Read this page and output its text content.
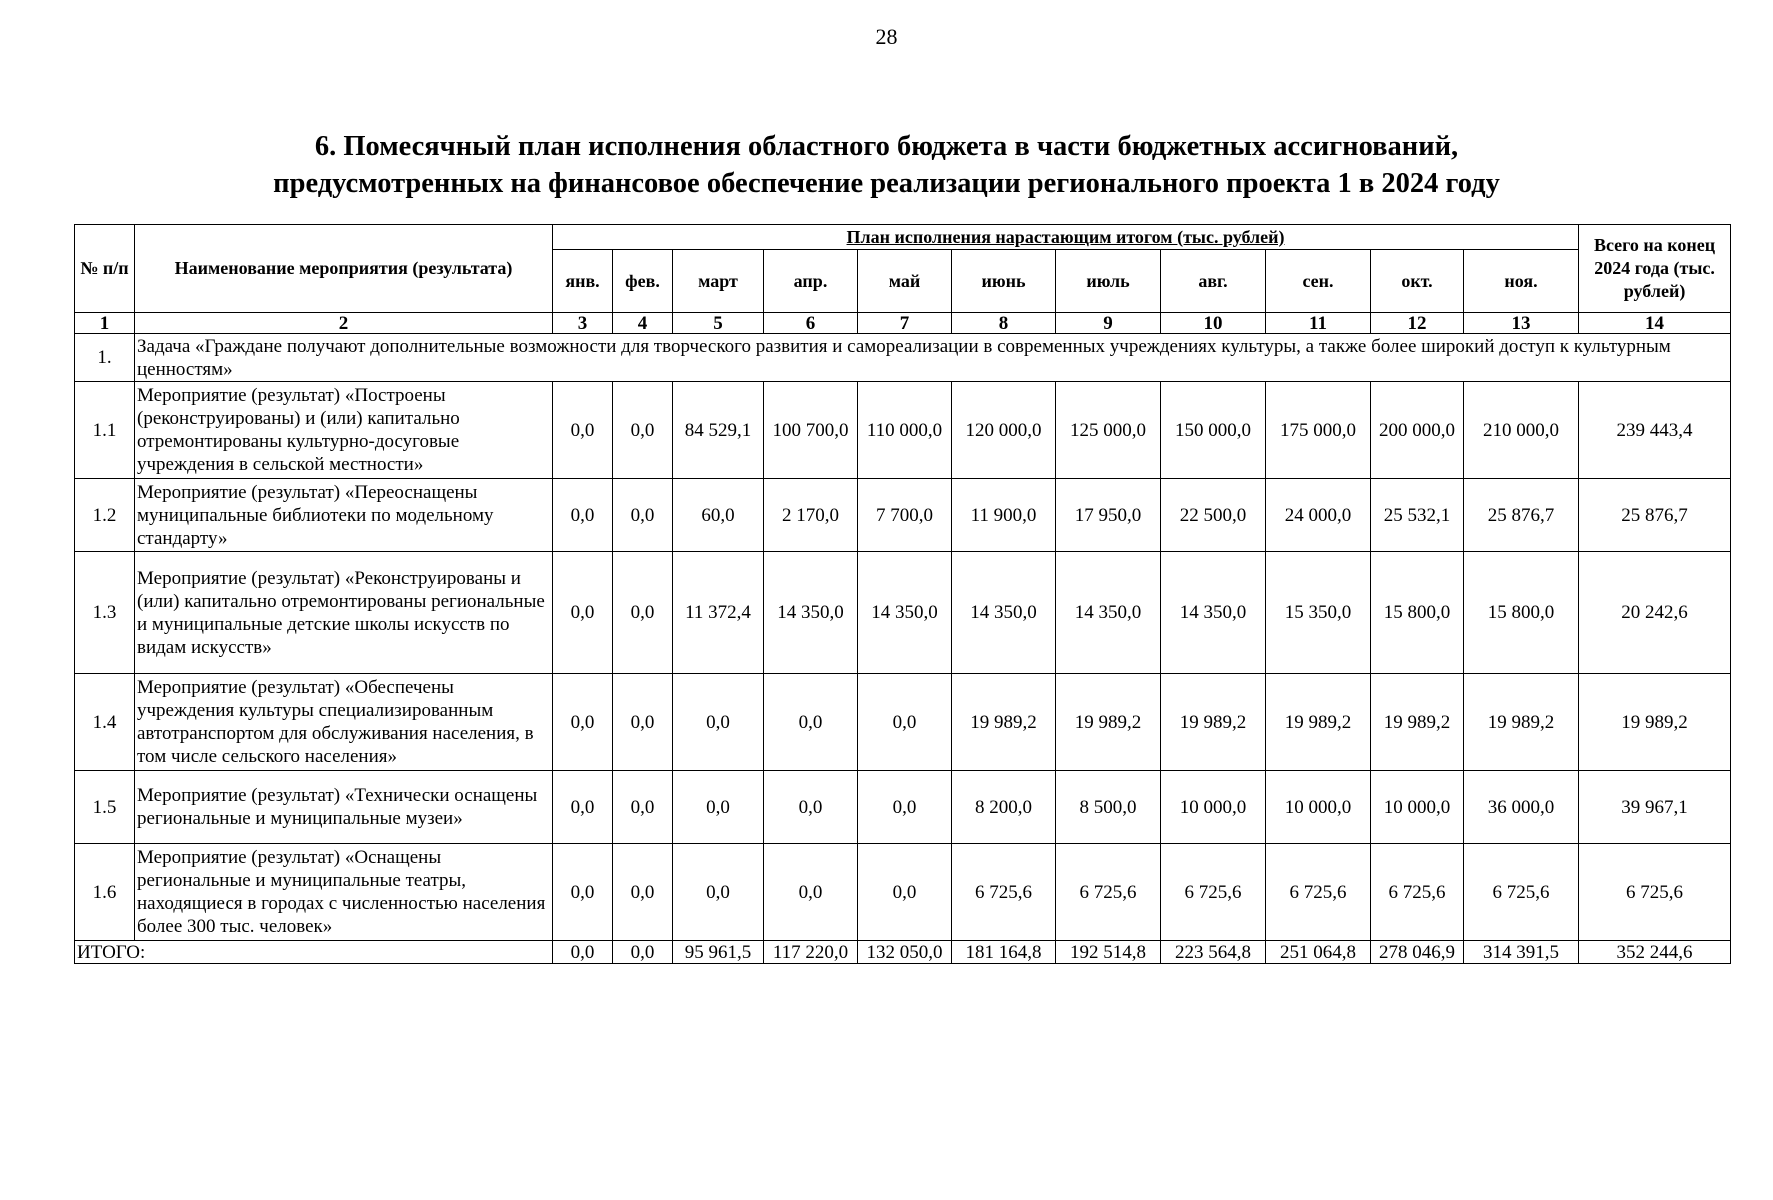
28
6. Помесячный план исполнения областного бюджета в части бюджетных ассигнований,
предусмотренных на финансовое обеспечение реализации регионального проекта 1 в 2024 году
№ п/п	Наименование мероприятия (результата)	План исполнения нарастающим итогом (тыс. рублей)											Всего на конец 2024 года (тыс. рублей)
		янв.	фев.	март	апр.	май	июнь	июль	авг.	сен.	окт.	ноя.	
1	2	3	4	5	6	7	8	9	10	11	12	13	14
1.	Задача «Граждане получают дополнительные возможности для творческого развития и самореализации в современных учреждениях культуры, а также более широкий доступ к культурным ценностям»												
1.1	Мероприятие (результат) «Построены (реконструированы) и (или) капитально отремонтированы культурно-досуговые учреждения в сельской местности»	0,0	0,0	84 529,1	100 700,0	110 000,0	120 000,0	125 000,0	150 000,0	175 000,0	200 000,0	210 000,0	239 443,4
1.2	Мероприятие (результат) «Переоснащены муниципальные библиотеки по модельному стандарту»	0,0	0,0	60,0	2 170,0	7 700,0	11 900,0	17 950,0	22 500,0	24 000,0	25 532,1	25 876,7	25 876,7
1.3	Мероприятие (результат) «Реконструированы и (или) капитально отремонтированы региональные и муниципальные детские школы искусств по видам искусств»	0,0	0,0	11 372,4	14 350,0	14 350,0	14 350,0	14 350,0	14 350,0	15 350,0	15 800,0	15 800,0	20 242,6
1.4	Мероприятие (результат) «Обеспечены учреждения культуры специализированным автотранспортом для обслуживания населения, в том числе сельского населения»	0,0	0,0	0,0	0,0	0,0	19 989,2	19 989,2	19 989,2	19 989,2	19 989,2	19 989,2	19 989,2
1.5	Мероприятие (результат) «Технически оснащены региональные и муниципальные музеи»	0,0	0,0	0,0	0,0	0,0	8 200,0	8 500,0	10 000,0	10 000,0	10 000,0	36 000,0	39 967,1
1.6	Мероприятие (результат) «Оснащены региональные и муниципальные театры, находящиеся в городах с численностью населения более 300 тыс. человек»	0,0	0,0	0,0	0,0	0,0	6 725,6	6 725,6	6 725,6	6 725,6	6 725,6	6 725,6	6 725,6
ИТОГО:		0,0	0,0	95 961,5	117 220,0	132 050,0	181 164,8	192 514,8	223 564,8	251 064,8	278 046,9	314 391,5	352 244,6
